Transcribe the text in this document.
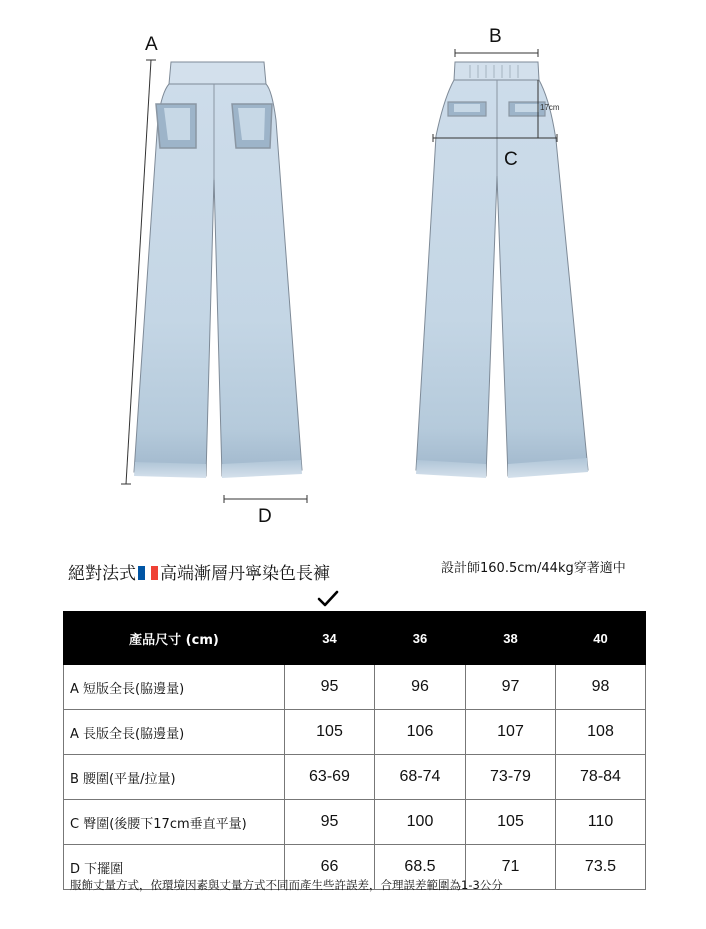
A	B
C
D
17cm
絕對法式 高端漸層丹寧染色長褲	設計師160.5cm/44kg穿著適中
產品尺寸 (cm)	34	36	38	40
A 短版全長(脇邊量)	95	96	97	98
A 長版全長(脇邊量)	105	106	107	108
B 腰圍(平量/拉量)	63-69	68-74	73-79	78-84
C 臀圍(後腰下17cm垂直平量)	95	100	105	110
D 下擺圍	66	68.5	71	73.5
服飾丈量方式，依環境因素與丈量方式不同而產生些許誤差，合理誤差範圍為1-3公分
